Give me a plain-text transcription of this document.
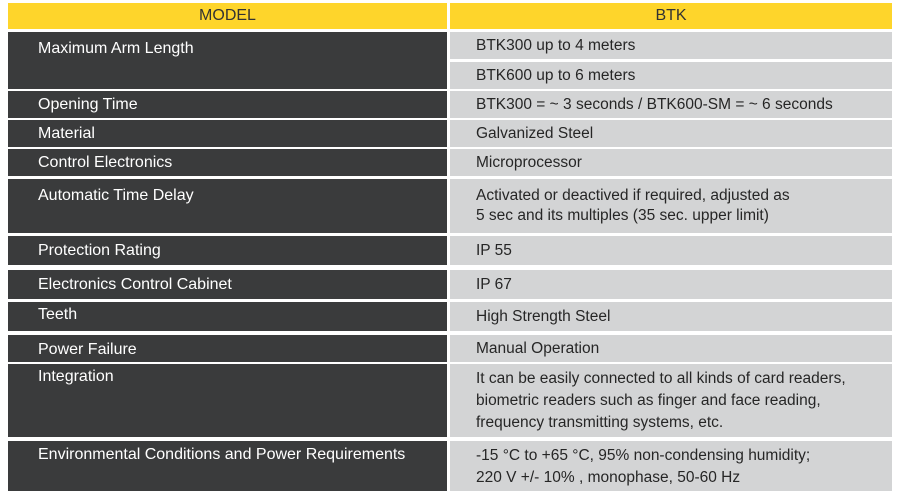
MODEL	BTK
Maximum Arm Length	BTK300 up to 4 meters
BTK600 up to 6 meters
Opening Time	BTK300 = ~ 3 seconds / BTK600-SM = ~ 6 seconds
Material	Galvanized Steel
Control Electronics	Microprocessor
Automatic Time Delay	Activated or deactived if required, adjusted as
5 sec and its multiples (35 sec. upper limit)
Protection Rating	IP 55
Electronics Control Cabinet	IP 67
Teeth	High Strength Steel
Power Failure	Manual Operation
Integration	It can be easily connected to all kinds of card readers,
biometric readers such as finger and face reading,
frequency transmitting systems, etc.
Environmental Conditions and Power Requirements	-15 °C to +65 °C, 95% non-condensing humidity;
220 V +/- 10% , monophase, 50-60 Hz
